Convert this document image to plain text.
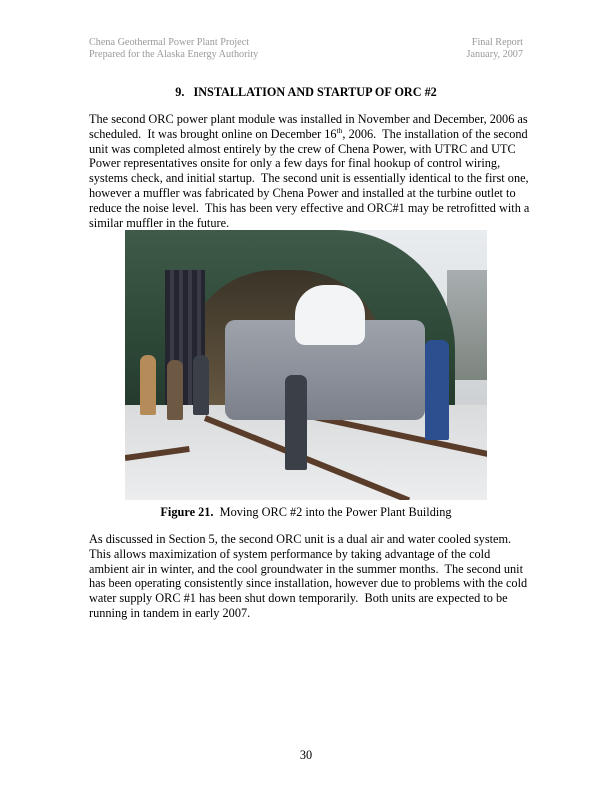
Chena Geothermal Power Plant Project
Prepared for the Alaska Energy Authority
Final Report
January, 2007
9.   INSTALLATION AND STARTUP OF ORC #2
The second ORC power plant module was installed in November and December, 2006 as
scheduled.  It was brought online on December 16th, 2006.  The installation of the second
unit was completed almost entirely by the crew of Chena Power, with UTRC and UTC
Power representatives onsite for only a few days for final hookup of control wiring,
systems check, and initial startup.  The second unit is essentially identical to the first one,
however a muffler was fabricated by Chena Power and installed at the turbine outlet to
reduce the noise level.  This has been very effective and ORC#1 may be retrofitted with a
similar muffler in the future.
Figure 21.  Moving ORC #2 into the Power Plant Building
As discussed in Section 5, the second ORC unit is a dual air and water cooled system.
This allows maximization of system performance by taking advantage of the cold
ambient air in winter, and the cool groundwater in the summer months.  The second unit
has been operating consistently since installation, however due to problems with the cold
water supply ORC #1 has been shut down temporarily.  Both units are expected to be
running in tandem in early 2007.
30
